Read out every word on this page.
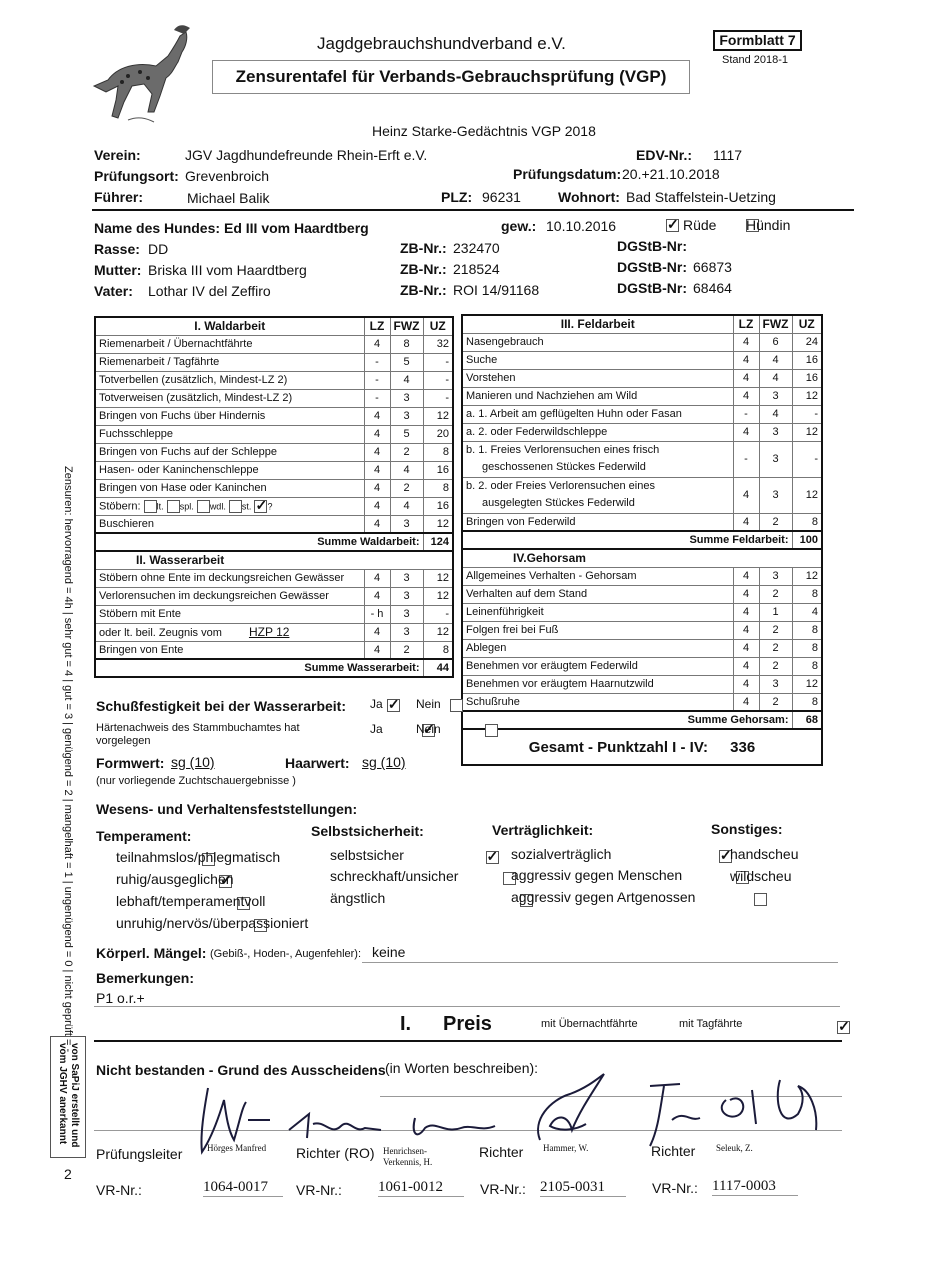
Jagdgebrauchshundverband e.V.
Zensurentafel für Verbands-Gebrauchsprüfung (VGP)
Formblatt 7
Stand 2018-1
Heinz Starke-Gedächtnis VGP 2018
Verein:	JGV Jagdhundefreunde Rhein-Erft e.V.	EDV-Nr.: 1117
Prüfungsort: Grevenbroich	Prüfungsdatum: 20.+21.10.2018
Führer:	Michael Balik	PLZ: 96231	Wohnort: Bad Staffelstein-Uetzing
Name des Hundes: Ed III vom Haardtberg	gew.: 10.10.2016 ✓	Rüde
Hündin
Rasse: DD	ZB-Nr.: 232470	DGStB-Nr:
Mutter: Briska III vom Haardtberg	ZB-Nr.: 218524	DGStB-Nr: 66873
Vater: Lothar IV del Zeffiro	ZB-Nr.: ROI 14/91168	DGStB-Nr: 68464
I. Waldarbeit	LZ	FWZ	UZ
Riemenarbeit / Übernachtfährte	4	8	32
Riemenarbeit / Tagfährte	-	5	-
Totverbellen (zusätzlich, Mindest-LZ 2)	-	4	-
Totverweisen (zusätzlich, Mindest-LZ 2)	-	3	-
Bringen von Fuchs über Hindernis	4	3	12
Fuchsschleppe	4	5	20
Bringen von Fuchs auf der Schleppe	4	2	8
Hasen- oder Kaninchenschleppe	4	4	16
Bringen von Hase oder Kaninchen	4	2	8
Stöbern: lt. spl. wdl. st. ✓ ?	4	4	16
Buschieren	4	3	12
Summe Waldarbeit:			124
II. Wasserarbeit			
Stöbern ohne Ente im deckungsreichen Gewässer	4	3	12
Verlorensuchen im deckungsreichen Gewässer	4	3	12
Stöbern mit Ente	- h	3	-
oder lt. beil. Zeugnis vom HZP 12	4	3	12
Bringen von Ente	4	2	8
Summe Wasserarbeit:			44
III. Feldarbeit	LZ	FWZ	UZ
Nasengebrauch	4	6	24
Suche	4	4	16
Vorstehen	4	4	16
Manieren und Nachziehen am Wild	4	3	12
a. 1. Arbeit am geflügelten Huhn oder Fasan	-	4	-
a. 2. oder Federwildschleppe	4	3	12

b. 1. Freies Verlorensuchen eines frisch
geschossenen Stückes Federwild	-	3	-

b. 2. oder Freies Verlorensuchen eines
ausgelegten Stückes Federwild	4	3	12
Bringen von Federwild	4	2	8
Summe Feldarbeit:			100
IV.Gehorsam			
Allgemeines Verhalten - Gehorsam	4	3	12
Verhalten auf dem Stand	4	2	8
Leinenführigkeit	4	1	4
Folgen frei bei Fuß	4	2	8
Ablegen	4	2	8
Benehmen vor eräugtem Federwild	4	2	8
Benehmen vor eräugtem Haarnutzwild	4	3	12
Schußruhe	4	2	8
Summe Gehorsam:			68
Gesamt - Punktzahl I - IV: 336			
Schußfestigkeit bei der Wasserarbeit: ✓ Ja
	Nein
Härtenachweis des Stammbuchamtes hat
vorgelegen
✓
Ja
	Nein
Formwert: sg (10)	Haarwert: sg (10)
(nur vorliegende Zuchtschauergebnisse )
Wesens- und Verhaltensfeststellungen:
Temperament:

teilnahmslos/phlegmatisch
✓
ruhig/ausgeglichen

lebhaft/temperamentvoll

unruhig/nervös/überpassioniert
Selbstsicherheit:
✓
selbstsicher

schreckhaft/unsicher

ängstlich
Verträglichkeit:
✓
sozialverträglich

aggressiv gegen Menschen

aggressiv gegen Artgenossen
Sonstiges:

handscheu

wildscheu
Körperl. Mängel: (Gebiß-, Hoden-, Augenfehler): keine
Bemerkungen:
P1 o.r.+
I. Preis ✓	mit Übernachtfährte	mit Tagfährte
Nicht bestanden - Grund des Ausscheidens (in Worten beschreiben):
Prüfungsleiter	Hörges Manfred Richter (RO) Henrichsen-
Verkennis, H.
Richter Hammer, W.	Richter Seleuk, Z.
VR-Nr.:	1064-0017	VR-Nr.: 1061-0012	VR-Nr.: 2105-0031	VR-Nr.: 1117-0003
Zensuren: hervorragend = 4h | sehr gut = 4 | gut = 3 | genügend = 2 | mangelhaft = 1 | ungenügend = 0 | nicht geprüft = -
von SaPiJ erstellt und
vom JGHV anerkannt
2
